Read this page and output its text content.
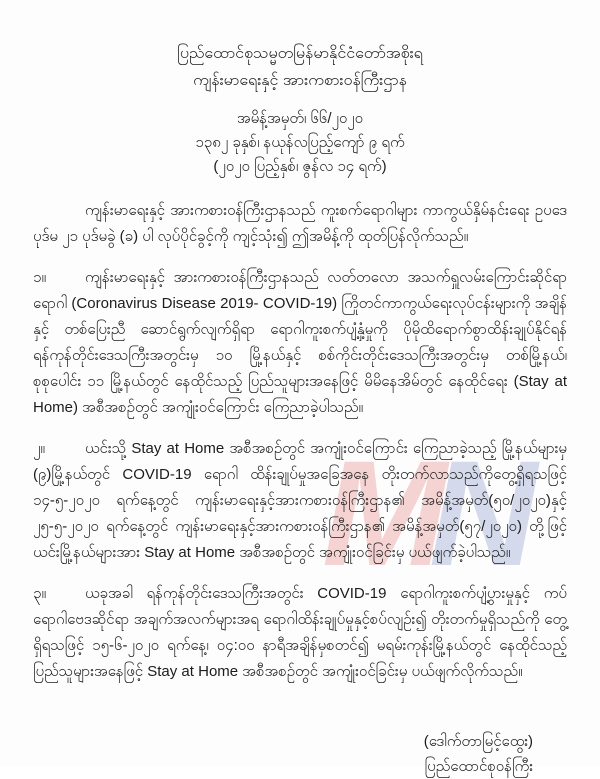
MN
ပြည်ထောင်စုသမ္မတမြန်မာနိုင်ငံတော်အစိုးရ
ကျန်းမာရေးနှင့် အားကစားဝန်ကြီးဌာန
အမိန့်အမှတ်၊ ၆၆/၂၀၂၀
၁၃၈၂ ခုနှစ်၊ နယုန်လပြည့်ကျော် ၉ ရက်
(၂၀၂၀ ပြည့်နှစ်၊ ဇွန်လ ၁၄ ရက်)

ကျန်းမာရေးနှင့် အားကစားဝန်ကြီးဌာနသည် ကူးစက်ရောဂါများ ကာကွယ်နှိမ်နင်းရေး ဥပဒေ ပုဒ်မ ၂၁ ပုဒ်မခွဲ (ခ) ပါ လုပ်ပိုင်ခွင့်ကို ကျင့်သုံး၍ ဤအမိန့်ကို ထုတ်ပြန်လိုက်သည်။

၁။	ကျန်းမာရေးနှင့် အားကစားဝန်ကြီးဌာနသည် လတ်တလော အသက်ရှူလမ်းကြောင်းဆိုင်ရာ ရောဂါ (Coronavirus Disease 2019- COVID-19) ကြိုတင်ကာကွယ်ရေးလုပ်ငန်းများကို အချိန်နှင့် တစ်ပြေးညီ ဆောင်ရွက်လျက်ရှိရာ ရောဂါကူးစက်ပျံ့နှံ့မှုကို ပိုမိုထိရောက်စွာထိန်းချုပ်နိုင်ရန် ရန်ကုန်တိုင်းဒေသကြီးအတွင်းမှ ၁၀ မြို့နယ်နှင့် စစ်ကိုင်းတိုင်းဒေသကြီးအတွင်းမှ တစ်မြို့နယ်၊ စုစုပေါင်း ၁၁ မြို့နယ်တွင် နေထိုင်သည့် ပြည်သူများအနေဖြင့် မိမိနေအိမ်တွင် နေထိုင်ရေး (Stay at Home) အစီအစဉ်တွင် အကျုံးဝင်ကြောင်း ကြေညာခဲ့ပါသည်။

၂။	ယင်းသို့ Stay at Home အစီအစဉ်တွင် အကျုံးဝင်ကြောင်း ကြေညာခဲ့သည့် မြို့နယ်များမှ (၉)မြို့နယ်တွင် COVID-19 ရောဂါ ထိန်းချုပ်မှုအခြေအနေ တိုးတက်လာသည်ကိုတွေ့ရှိရသဖြင့် ၁၄-၅-၂၀၂၀ ရက်နေ့တွင် ကျန်းမာရေးနှင့်အားကစားဝန်ကြီးဌာန၏ အမိန့်အမှတ်(၅၀/၂၀၂၀)နှင့် ၂၅-၅-၂၀၂၀ ရက်နေ့တွင် ကျန်းမာရေးနှင့်အားကစားဝန်ကြီးဌာန၏ အမိန့်အမှတ်(၅၇/၂၀၂၀) တို့ဖြင့် ယင်းမြို့နယ်များအား Stay at Home အစီအစဉ်တွင် အကျုံးဝင်ခြင်းမှ ပယ်ဖျက်ခဲ့ပါသည်။

၃။	ယခုအခါ ရန်ကုန်တိုင်းဒေသကြီးအတွင်း COVID-19 ရောဂါကူးစက်ပျံ့ပွားမှုနှင့် ကပ်ရောဂါဗေဒဆိုင်ရာ အချက်အလက်များအရ ရောဂါထိန်းချုပ်မှုနှင့်စပ်လျဉ်း၍ တိုးတက်မှုရှိသည်ကို တွေ့ရှိရသဖြင့် ၁၅-၆-၂၀၂၀ ရက်နေ့၊ ၀၄:၀၀ နာရီအချိန်မှစတင်၍ မရမ်းကုန်းမြို့နယ်တွင် နေထိုင်သည့် ပြည်သူများအနေဖြင့် Stay at Home အစီအစဉ်တွင် အကျုံးဝင်ခြင်းမှ ပယ်ဖျက်လိုက်သည်။

(ဒေါက်တာမြင့်ထွေး)
ပြည်ထောင်စုဝန်ကြီး
